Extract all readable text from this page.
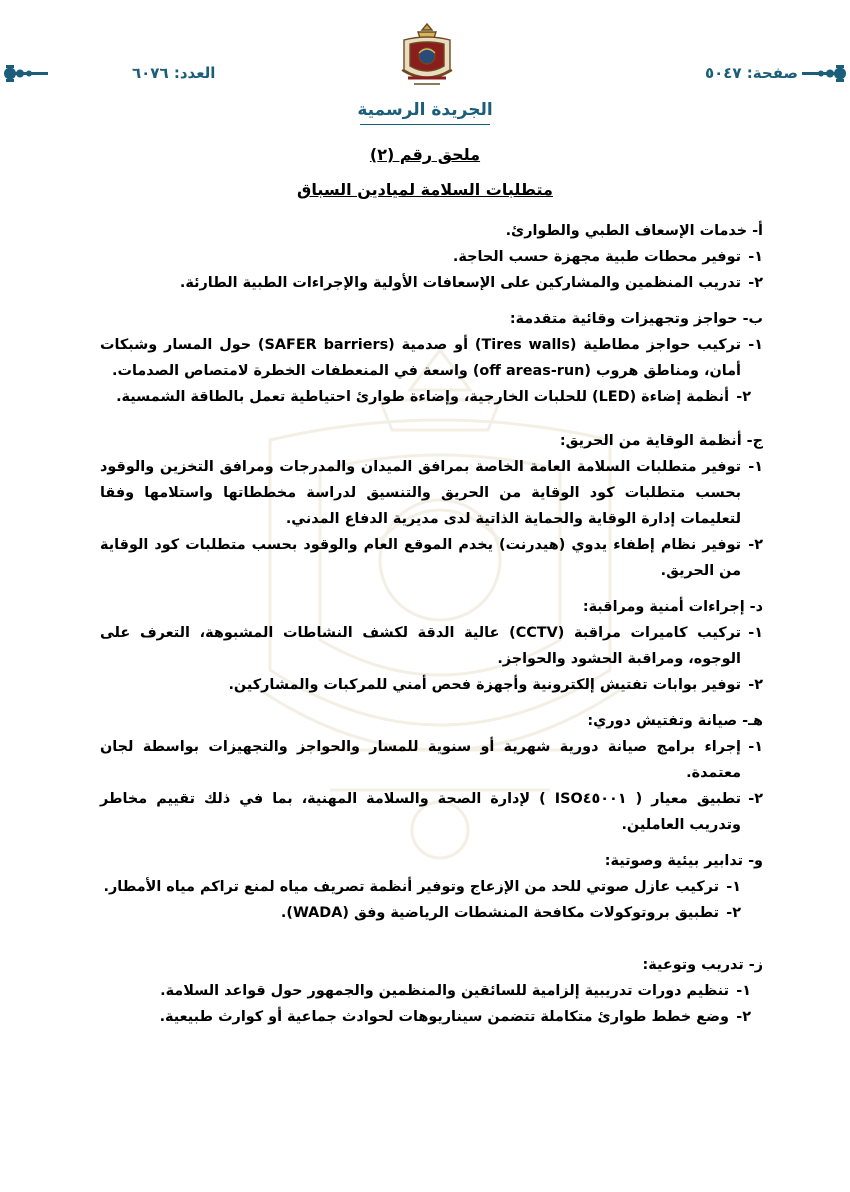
صفحة: ٥٠٤٧
العدد: ٦٠٧٦
الجريدة الرسمية
ملحق رقم (٢)
متطلبات السلامة لميادين السباق
أ- خدمات الإسعاف الطبي والطوارئ.
١-
توفير محطات طبية مجهزة حسب الحاجة.
٢-
تدريب المنظمين والمشاركين على الإسعافات الأولية والإجراءات الطبية الطارئة.
ب- حواجز وتجهيزات وقائية متقدمة:
١-
تركيب حواجز مطاطية (Tires walls) أو صدمية (SAFER barriers) حول المسار وشبكات أمان، ومناطق هروب (off areas-run) واسعة في المنعطفات الخطرة لامتصاص الصدمات.
٢-
أنظمة إضاءة (LED) للحلبات الخارجية، وإضاءة طوارئ احتياطية تعمل بالطاقة الشمسية.
ج- أنظمة الوقاية من الحريق:
١-
توفير متطلبات السلامة العامة الخاصة بمرافق الميدان والمدرجات ومرافق التخزين والوقود بحسب متطلبات كود الوقاية من الحريق والتنسيق لدراسة مخططاتها واستلامها وفقا لتعليمات إدارة الوقاية والحماية الذاتية لدى مديرية الدفاع المدني.
٢-
توفير نظام إطفاء يدوي (هيدرنت) يخدم الموقع العام والوقود بحسب متطلبات كود الوقاية من الحريق.
د- إجراءات أمنية ومراقبة:
١-
تركيب كاميرات مراقبة (CCTV) عالية الدقة لكشف النشاطات المشبوهة، التعرف على الوجوه، ومراقبة الحشود والحواجز.
٢-
توفير بوابات تفتيش إلكترونية وأجهزة فحص أمني للمركبات والمشاركين.
هـ- صيانة وتفتيش دوري:
١-
إجراء برامج صيانة دورية شهرية أو سنوية للمسار والحواجز والتجهيزات بواسطة لجان معتمدة.
٢-
تطبيق معيار ( ISO٤٥٠٠١ ) لإدارة الصحة والسلامة المهنية، بما في ذلك تقييم مخاطر وتدريب العاملين.
و- تدابير بيئية وصوتية:
١-
تركيب عازل صوتي للحد من الإزعاج وتوفير أنظمة تصريف مياه لمنع تراكم مياه الأمطار.
٢-
تطبيق بروتوكولات مكافحة المنشطات الرياضية وفق (WADA).
ز- تدريب وتوعية:
١-
تنظيم دورات تدريبية إلزامية للسائقين والمنظمين والجمهور حول قواعد السلامة.
٢-
وضع خطط طوارئ متكاملة تتضمن سيناريوهات لحوادث جماعية أو كوارث طبيعية.
